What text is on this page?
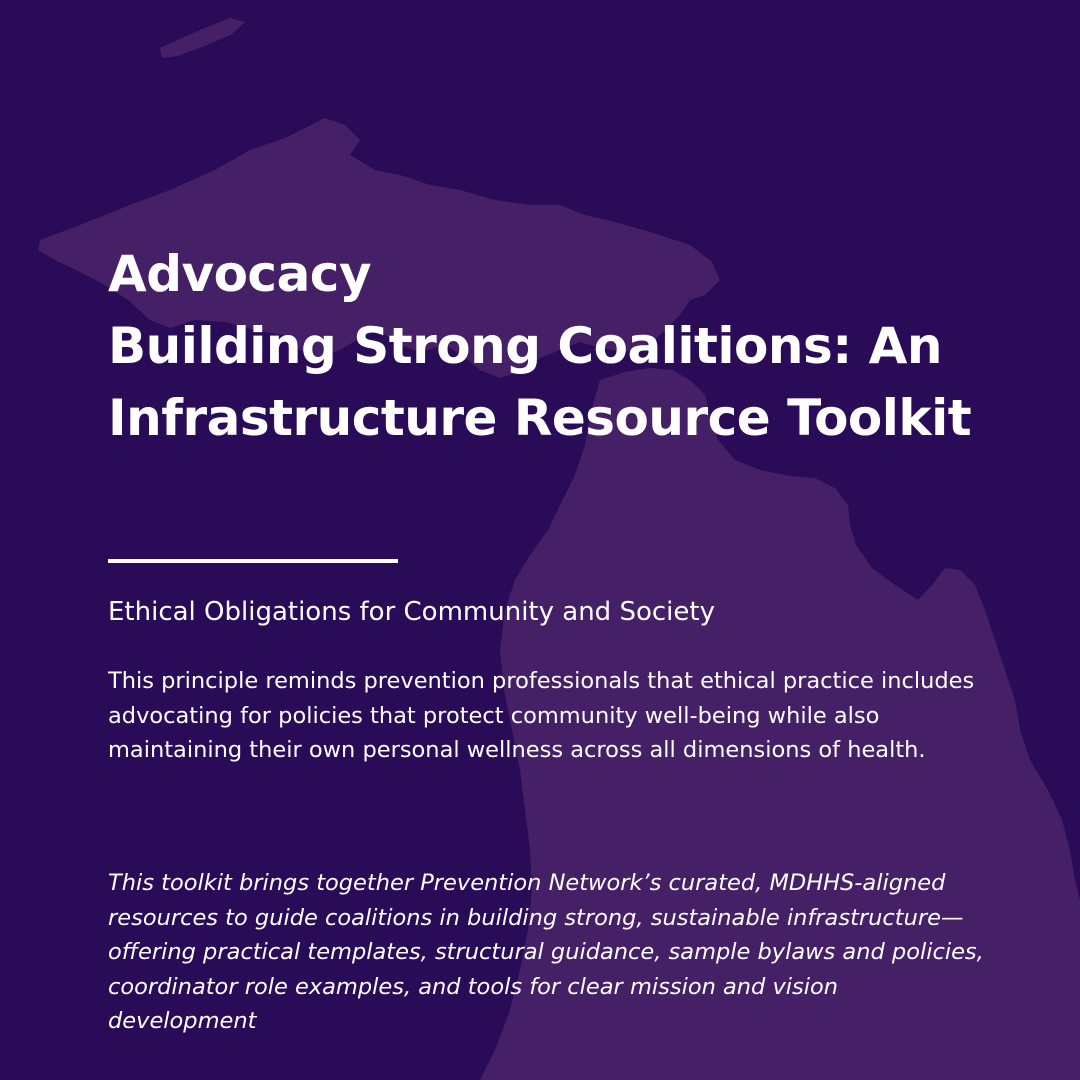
Advocacy
Building Strong Coalitions: An
Infrastructure Resource Toolkit
Ethical Obligations for Community and Society

This principle reminds prevention professionals that ethical practice includes advocating for policies that protect community well-being while also maintaining their own personal wellness across all dimensions of health.

This toolkit brings together Prevention Network’s curated, MDHHS-aligned resources to guide coalitions in building strong, sustainable infrastructure—offering practical templates, structural guidance, sample bylaws and policies, coordinator role examples, and tools for clear mission and vision development
